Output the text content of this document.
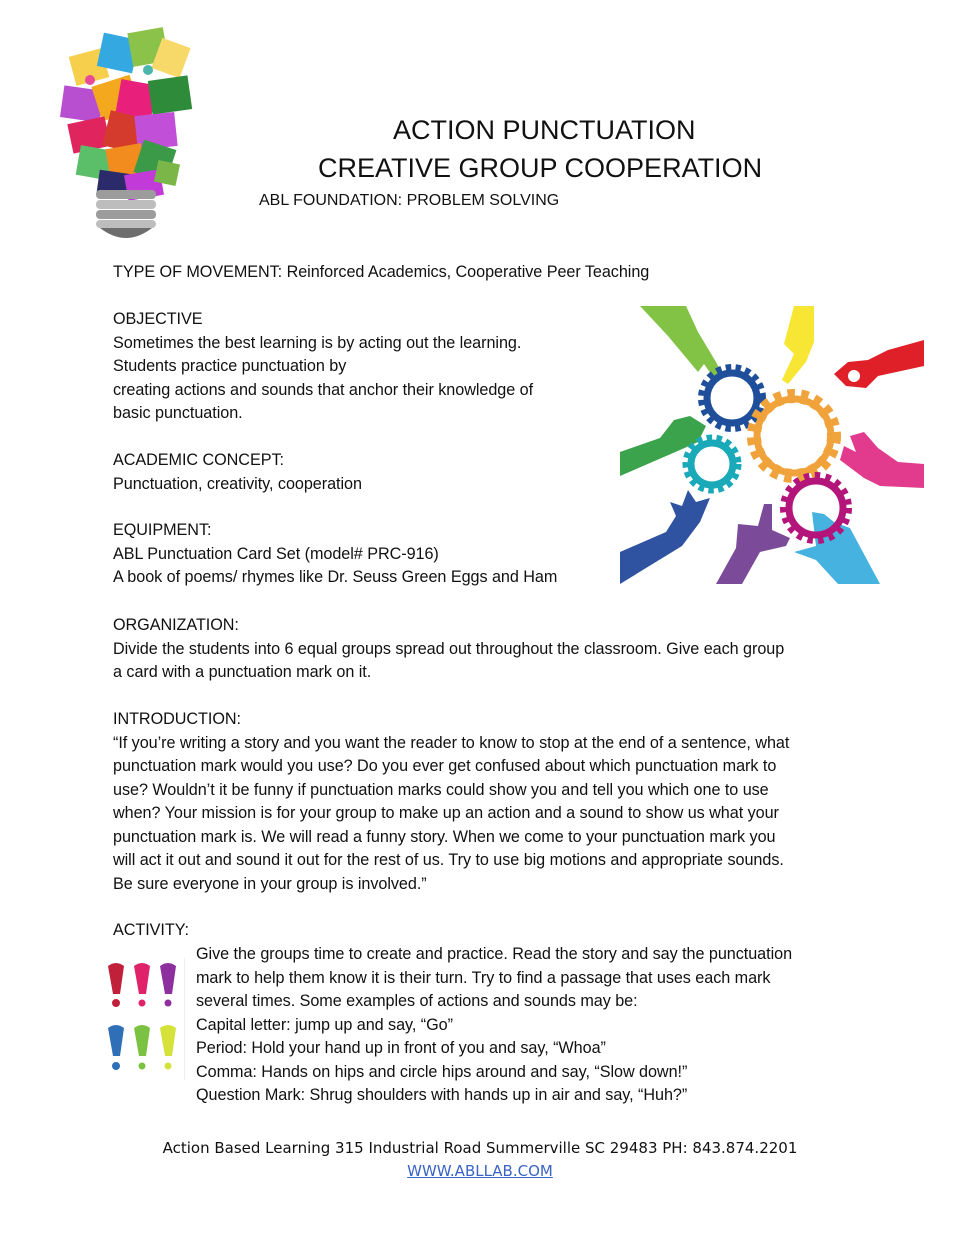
ACTION PUNCTUATION
CREATIVE GROUP COOPERATION
ABL FOUNDATION: PROBLEM SOLVING
TYPE OF MOVEMENT: Reinforced Academics, Cooperative Peer Teaching
OBJECTIVE
Sometimes the best learning is by acting out the learning.
Students practice punctuation by
creating actions and sounds that anchor their knowledge of
basic punctuation.
ACADEMIC CONCEPT:
Punctuation, creativity, cooperation
EQUIPMENT:
ABL Punctuation Card Set (model# PRC-916)
A book of poems/ rhymes like Dr. Seuss Green Eggs and Ham
ORGANIZATION:
Divide the students into 6 equal groups spread out throughout the classroom. Give each group
a card with a punctuation mark on it.
INTRODUCTION:
“If you’re writing a story and you want the reader to know to stop at the end of a sentence, what
punctuation mark would you use? Do you ever get confused about which punctuation mark to
use? Wouldn’t it be funny if punctuation marks could show you and tell you which one to use
when? Your mission is for your group to make up an action and a sound to show us what your
punctuation mark is. We will read a funny story. When we come to your punctuation mark you
will act it out and sound it out for the rest of us. Try to use big motions and appropriate sounds.
Be sure everyone in your group is involved.”
ACTIVITY:
Give the groups time to create and practice. Read the story and say the punctuation
mark to help them know it is their turn. Try to find a passage that uses each mark
several times. Some examples of actions and sounds may be:
Capital letter: jump up and say, “Go”
Period: Hold your hand up in front of you and say, “Whoa”
Comma: Hands on hips and circle hips around and say, “Slow down!”
Question Mark: Shrug shoulders with hands up in air and say, “Huh?”
Action Based Learning 315 Industrial Road Summerville SC 29483 PH: 843.874.2201
WWW.ABLLAB.COM
